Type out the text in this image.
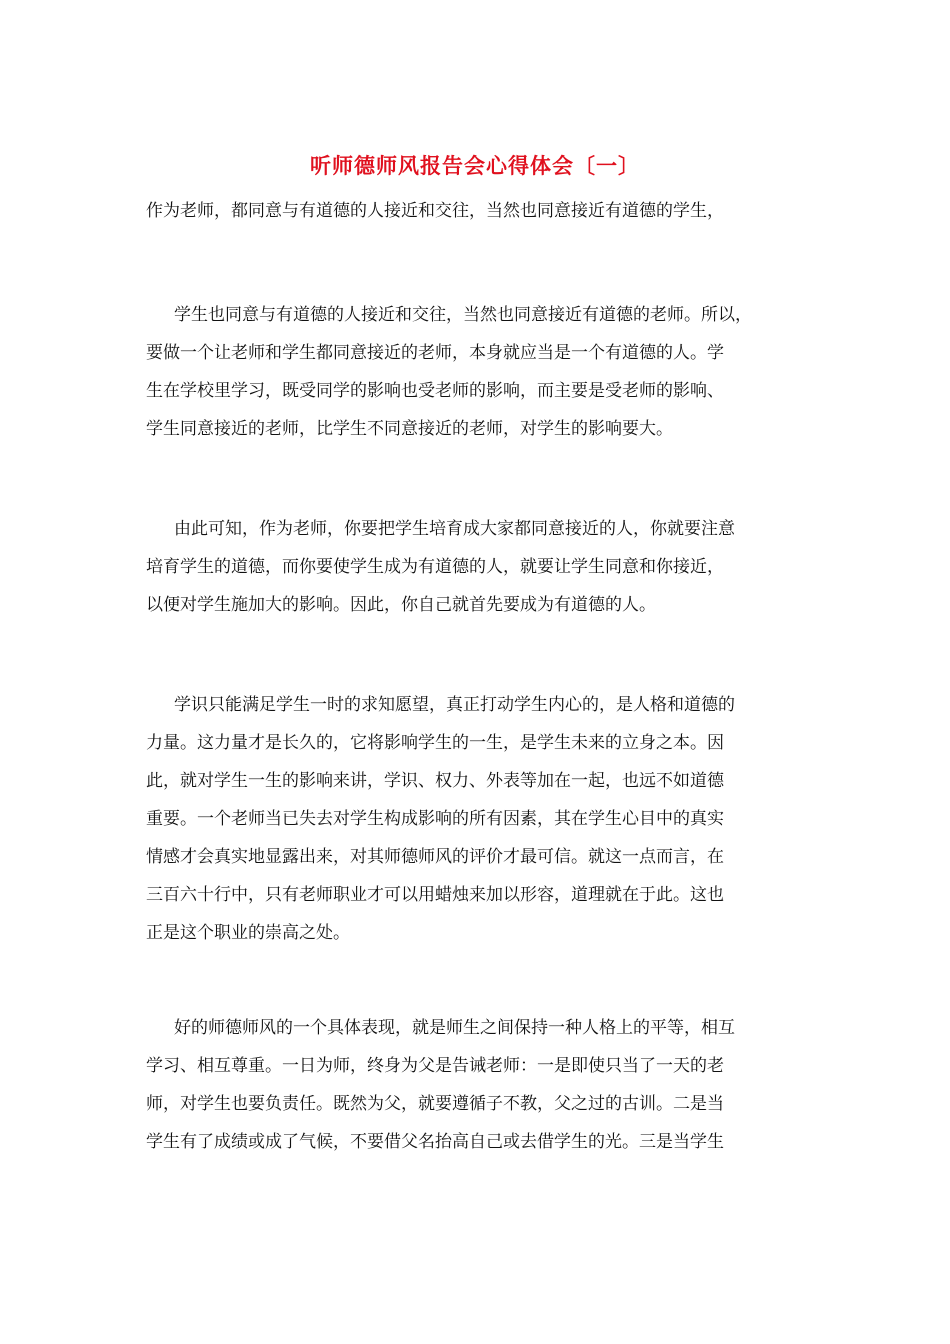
听师德师风报告会心得体会〔一〕
作为老师，都同意与有道德的人接近和交往，当然也同意接近有道德的学生，
学生也同意与有道德的人接近和交往，当然也同意接近有道德的老师。所以，
要做一个让老师和学生都同意接近的老师，本身就应当是一个有道德的人。学
生在学校里学习，既受同学的影响也受老师的影响，而主要是受老师的影响、
学生同意接近的老师，比学生不同意接近的老师，对学生的影响要大。
由此可知，作为老师，你要把学生培育成大家都同意接近的人，你就要注意
培育学生的道德，而你要使学生成为有道德的人，就要让学生同意和你接近，
以便对学生施加大的影响。因此，你自己就首先要成为有道德的人。
学识只能满足学生一时的求知愿望，真正打动学生内心的，是人格和道德的
力量。这力量才是长久的，它将影响学生的一生，是学生未来的立身之本。因
此，就对学生一生的影响来讲，学识、权力、外表等加在一起，也远不如道德
重要。一个老师当已失去对学生构成影响的所有因素，其在学生心目中的真实
情感才会真实地显露出来，对其师德师风的评价才最可信。就这一点而言，在
三百六十行中，只有老师职业才可以用蜡烛来加以形容，道理就在于此。这也
正是这个职业的崇高之处。
好的师德师风的一个具体表现，就是师生之间保持一种人格上的平等，相互
学习、相互尊重。一日为师，终身为父是告诫老师：一是即使只当了一天的老
师，对学生也要负责任。既然为父，就要遵循子不教，父之过的古训。二是当
学生有了成绩或成了气候，不要借父名抬高自己或去借学生的光。三是当学生
